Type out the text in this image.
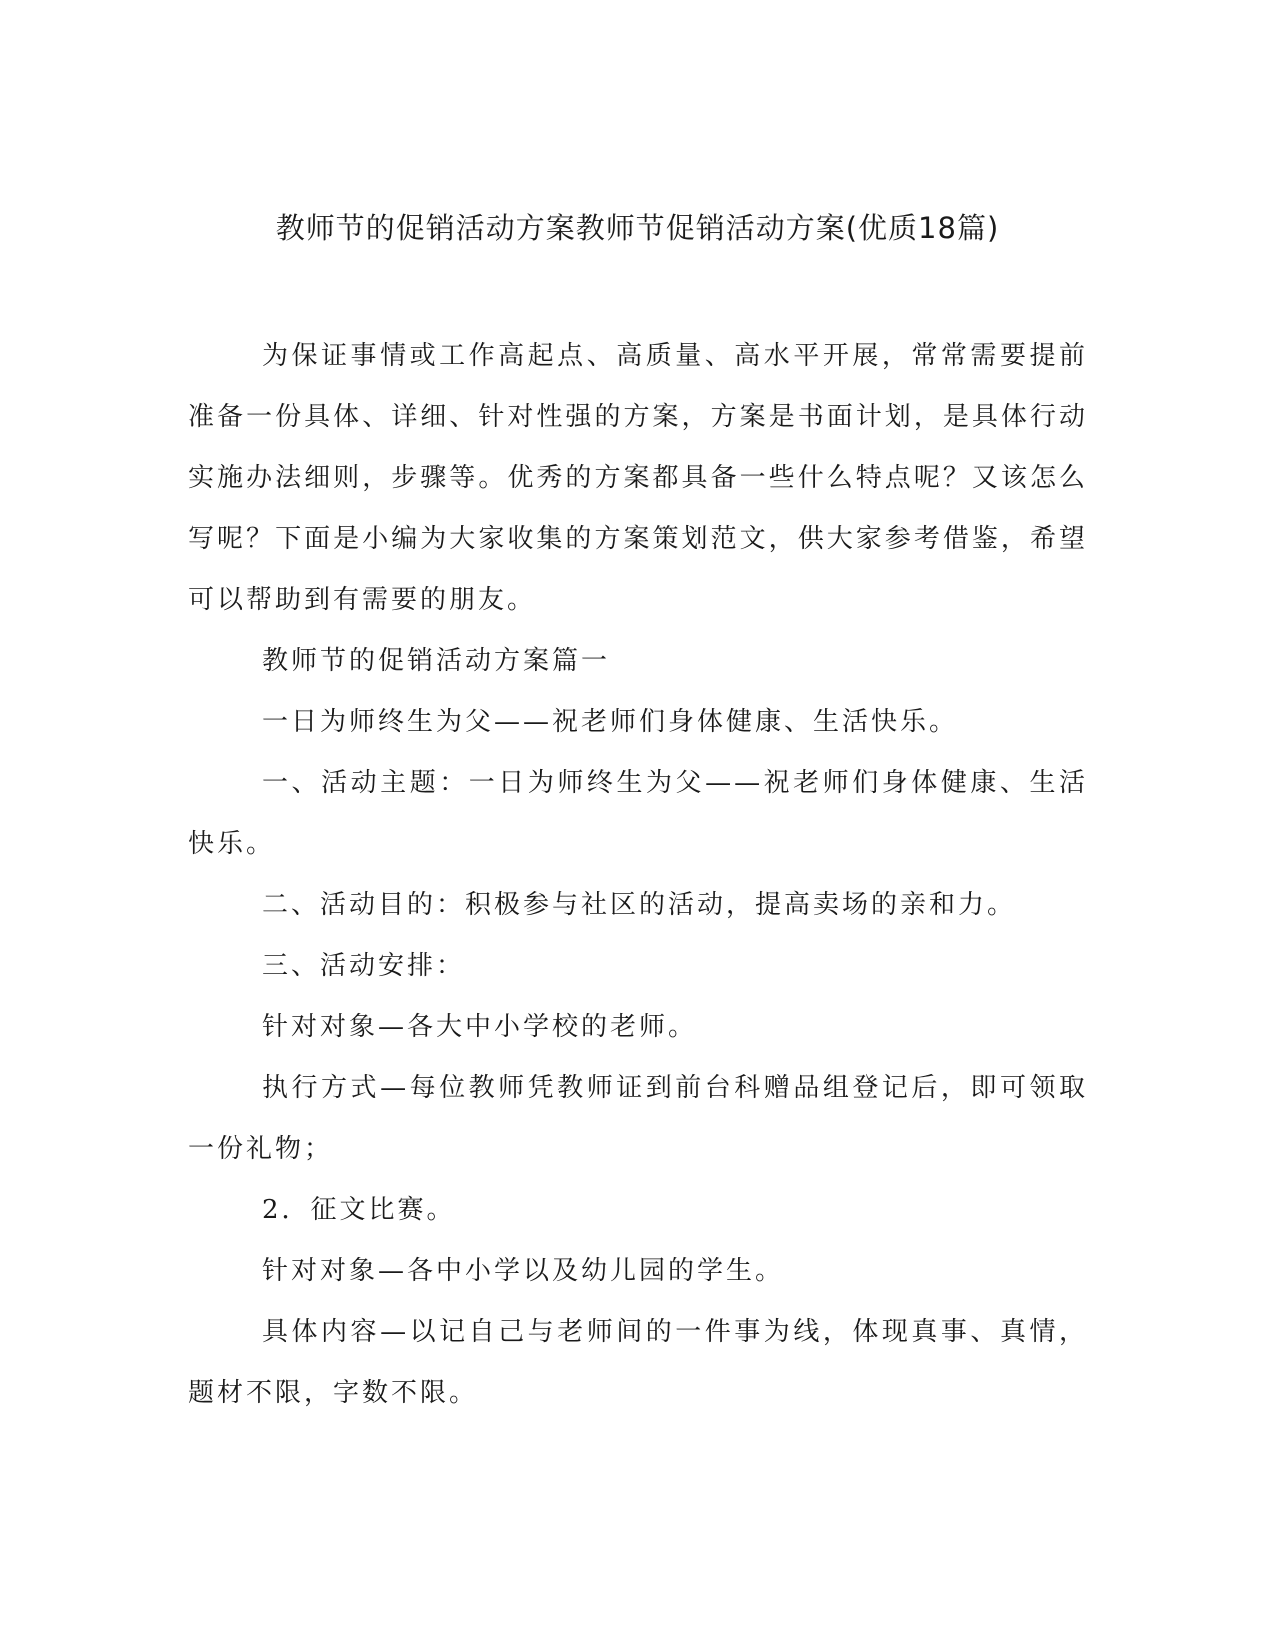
教师节的促销活动方案教师节促销活动方案(优质18篇)

为保证事情或工作高起点、高质量、高水平开展，常常需要提前准备一份具体、详细、针对性强的方案，方案是书面计划，是具体行动实施办法细则，步骤等。优秀的方案都具备一些什么特点呢？又该怎么写呢？下面是小编为大家收集的方案策划范文，供大家参考借鉴，希望可以帮助到有需要的朋友。

教师节的促销活动方案篇一

一日为师终生为父——祝老师们身体健康、生活快乐。

一、活动主题：一日为师终生为父——祝老师们身体健康、生活快乐。

二、活动目的：积极参与社区的活动，提高卖场的亲和力。

三、活动安排：

针对对象—各大中小学校的老师。

执行方式—每位教师凭教师证到前台科赠品组登记后，即可领取一份礼物；

2．征文比赛。

针对对象—各中小学以及幼儿园的学生。

具体内容—以记自己与老师间的一件事为线，体现真事、真情，题材不限，字数不限。
